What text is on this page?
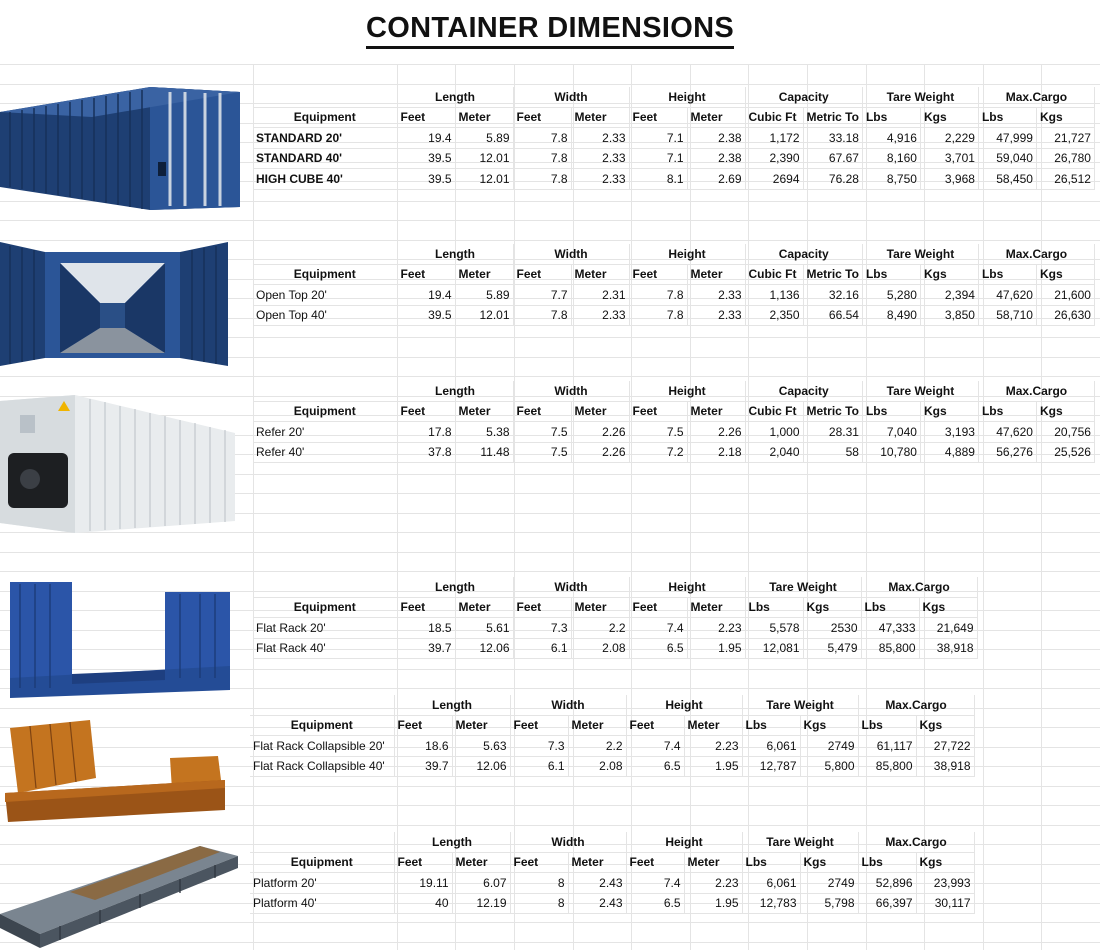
CONTAINER DIMENSIONS
	Length		Width		Height		Capacity		Tare Weight		Max.Cargo	
Equipment	Feet	Meter	Feet	Meter	Feet	Meter	Cubic Ft	Metric To	Lbs	Kgs	Lbs	Kgs
STANDARD 20'	19.4	5.89	7.8	2.33	7.1	2.38	1,172	33.18	4,916	2,229	47,999	21,727
STANDARD 40'	39.5	12.01	7.8	2.33	7.1	2.38	2,390	67.67	8,160	3,701	59,040	26,780
HIGH CUBE 40'	39.5	12.01	7.8	2.33	8.1	2.69	2694	76.28	8,750	3,968	58,450	26,512
	Length		Width		Height		Capacity		Tare Weight		Max.Cargo	
Equipment	Feet	Meter	Feet	Meter	Feet	Meter	Cubic Ft	Metric To	Lbs	Kgs	Lbs	Kgs
Open Top 20'	19.4	5.89	7.7	2.31	7.8	2.33	1,136	32.16	5,280	2,394	47,620	21,600
Open Top 40'	39.5	12.01	7.8	2.33	7.8	2.33	2,350	66.54	8,490	3,850	58,710	26,630
	Length		Width		Height		Capacity		Tare Weight		Max.Cargo	
Equipment	Feet	Meter	Feet	Meter	Feet	Meter	Cubic Ft	Metric To	Lbs	Kgs	Lbs	Kgs
Refer 20'	17.8	5.38	7.5	2.26	7.5	2.26	1,000	28.31	7,040	3,193	47,620	20,756
Refer 40'	37.8	11.48	7.5	2.26	7.2	2.18	2,040	58	10,780	4,889	56,276	25,526
	Length		Width		Height		Tare Weight		Max.Cargo	
Equipment	Feet	Meter	Feet	Meter	Feet	Meter	Lbs	Kgs	Lbs	Kgs
Flat Rack 20'	18.5	5.61	7.3	2.2	7.4	2.23	5,578	2530	47,333	21,649
Flat Rack 40'	39.7	12.06	6.1	2.08	6.5	1.95	12,081	5,479	85,800	38,918
	Length		Width		Height		Tare Weight		Max.Cargo	
Equipment	Feet	Meter	Feet	Meter	Feet	Meter	Lbs	Kgs	Lbs	Kgs
Flat Rack Collapsible 20'	18.6	5.63	7.3	2.2	7.4	2.23	6,061	2749	61,117	27,722
Flat Rack Collapsible 40'	39.7	12.06	6.1	2.08	6.5	1.95	12,787	5,800	85,800	38,918
	Length		Width		Height		Tare Weight		Max.Cargo	
Equipment	Feet	Meter	Feet	Meter	Feet	Meter	Lbs	Kgs	Lbs	Kgs
Platform 20'	19.11	6.07	8	2.43	7.4	2.23	6,061	2749	52,896	23,993
Platform 40'	40	12.19	8	2.43	6.5	1.95	12,783	5,798	66,397	30,117
